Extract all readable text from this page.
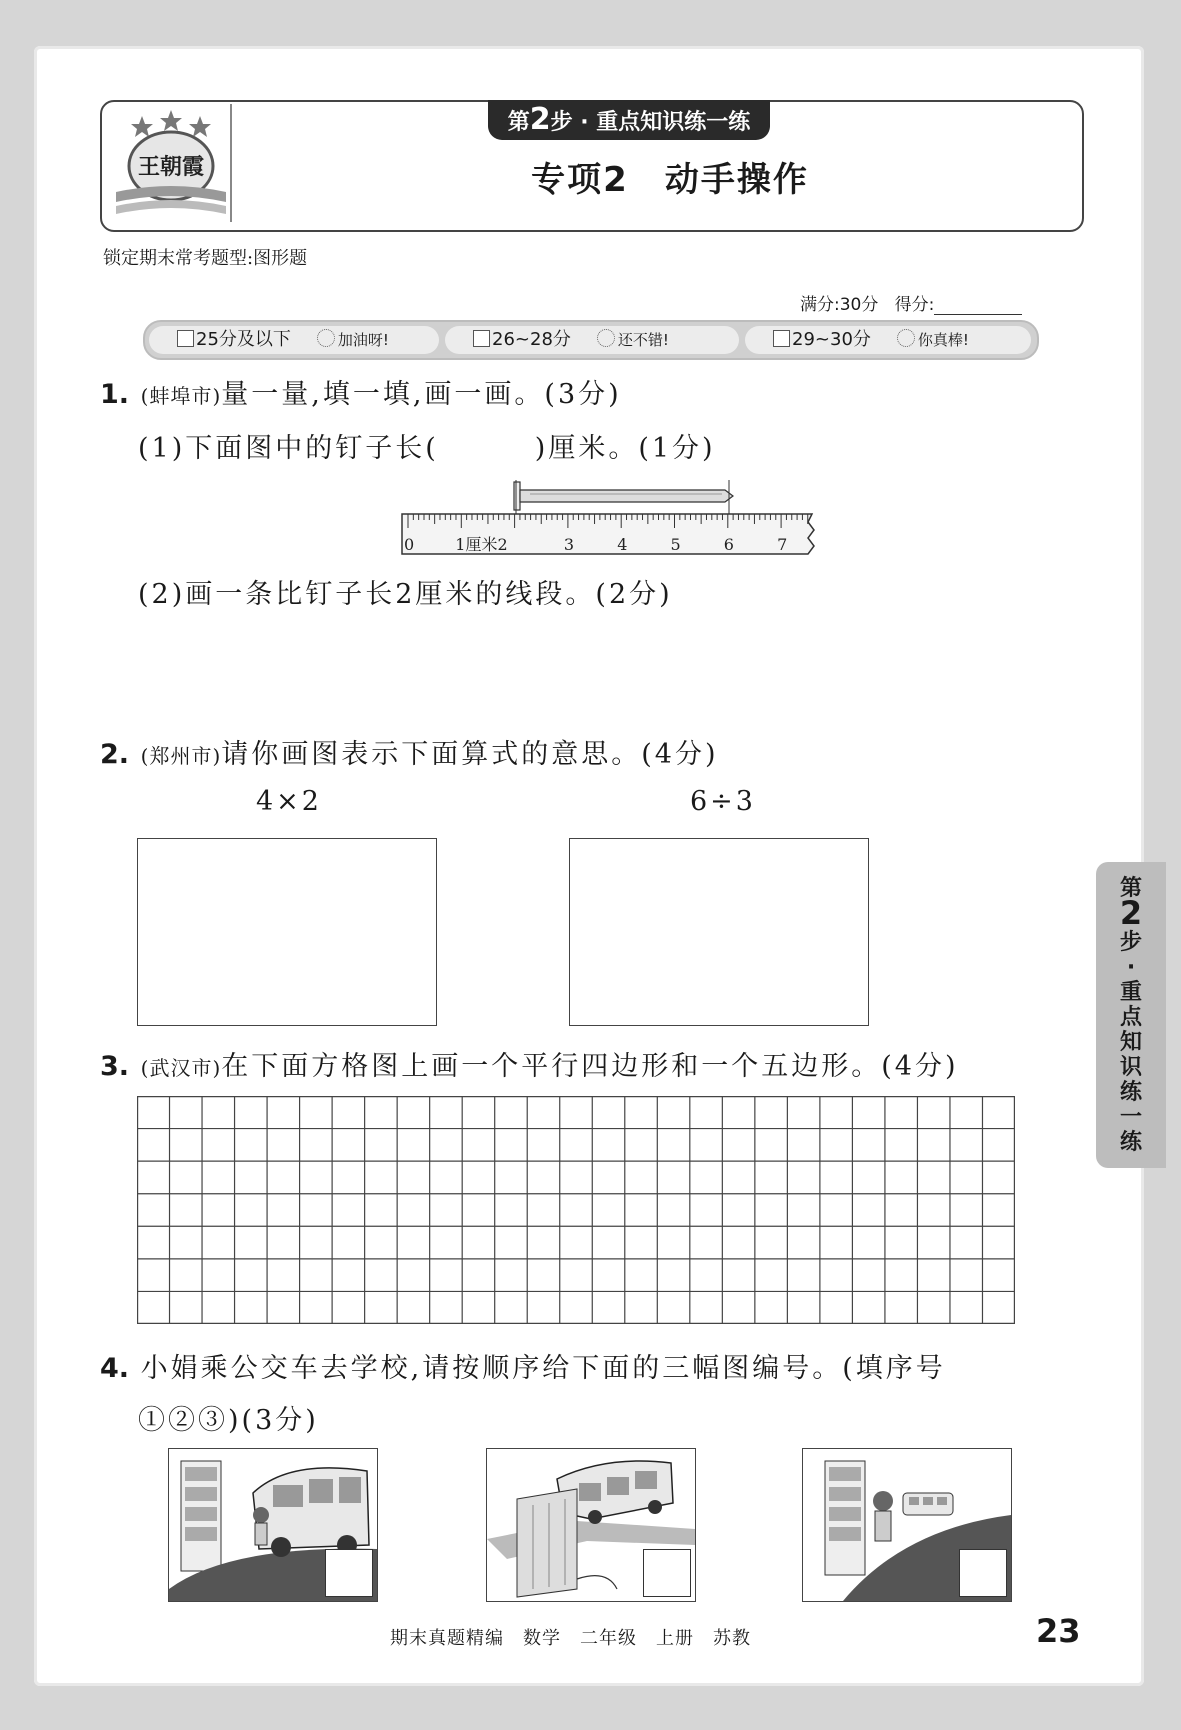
王朝霞
第2步 · 重点知识练一练
专项2　动手操作
锁定期末常考题型:图形题
满分:30分 得分:
25分及以下	加油呀!	26~28分	还不错!	29~30分	你真棒!
1. (蚌埠市)量一量,填一填,画一画。(3分)
(1)下面图中的钉子长(	)厘米。(1分)
0	1厘米2	3	4	5	6	7
(2)画一条比钉子长2厘米的线段。(2分)
2. (郑州市)请你画图表示下面算式的意思。(4分)
4×2	6÷3
3. (武汉市)在下面方格图上画一个平行四边形和一个五边形。(4分)
4. 小娟乘公交车去学校,请按顺序给下面的三幅图编号。(填序号
①②③)(3分)
第
2
步
·
重
点
知
识
练
一
练
期末真题精编　数学　二年级　上册　苏教	23
